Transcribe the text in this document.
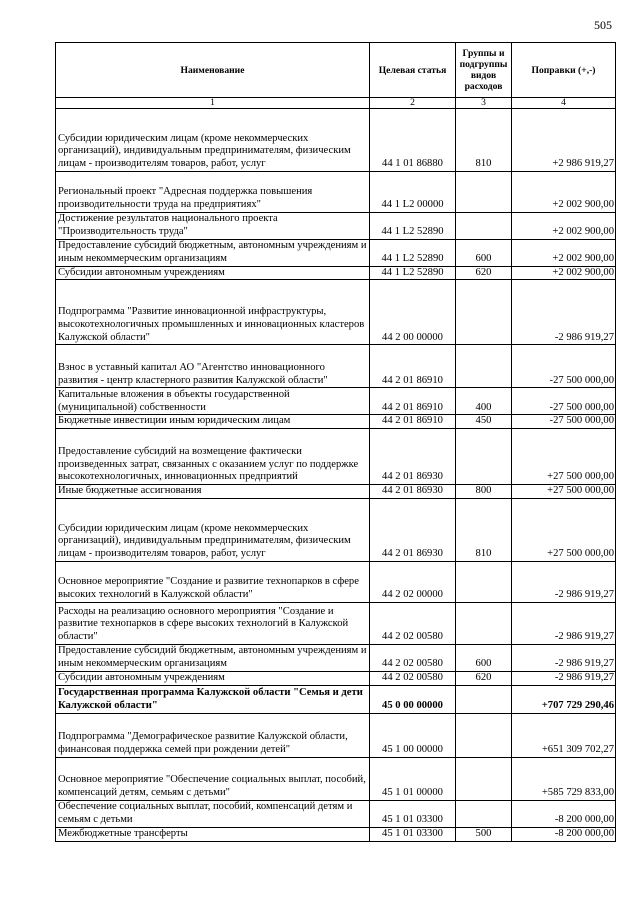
505
Наименование	Целевая статья	Группы и подгруппы видов расходов	Поправки (+,-)
1	2	3	4
Субсидии юридическим лицам (кроме некоммерческих организаций), индивидуальным предпринимателям, физическим лицам - производителям товаров, работ, услуг	44 1 01 86880	810	+2 986 919,27
Региональный проект "Адресная поддержка повышения производительности труда на предприятиях"	44 1 L2 00000		+2 002 900,00
Достижение результатов национального проекта "Производительность труда"	44 1 L2 52890		+2 002 900,00
Предоставление субсидий бюджетным, автономным учреждениям и иным некоммерческим организациям	44 1 L2 52890	600	+2 002 900,00
Субсидии автономным учреждениям	44 1 L2 52890	620	+2 002 900,00
Подпрограмма "Развитие инновационной инфраструктуры, высокотехнологичных промышленных и инновационных кластеров Калужской области"	44 2 00 00000		-2 986 919,27
Взнос в уставный капитал АО "Агентство инновационного развития - центр кластерного развития Калужской области"	44 2 01 86910		-27 500 000,00
Капитальные вложения в объекты государственной (муниципальной) собственности	44 2 01 86910	400	-27 500 000,00
Бюджетные инвестиции иным юридическим лицам	44 2 01 86910	450	-27 500 000,00
Предоставление субсидий на возмещение фактически произведенных затрат, связанных с оказанием услуг по поддержке высокотехнологичных, инновационных предприятий	44 2 01 86930		+27 500 000,00
Иные бюджетные ассигнования	44 2 01 86930	800	+27 500 000,00
Субсидии юридическим лицам (кроме некоммерческих организаций), индивидуальным предпринимателям, физическим лицам - производителям товаров, работ, услуг	44 2 01 86930	810	+27 500 000,00
Основное мероприятие "Создание и развитие технопарков в сфере высоких технологий в Калужской области"	44 2 02 00000		-2 986 919,27
Расходы на реализацию основного мероприятия "Создание и развитие технопарков в сфере высоких технологий в Калужской области"	44 2 02 00580		-2 986 919,27
Предоставление субсидий бюджетным, автономным учреждениям и иным некоммерческим организациям	44 2 02 00580	600	-2 986 919,27
Субсидии автономным учреждениям	44 2 02 00580	620	-2 986 919,27
Государственная программа Калужской области "Семья и дети Калужской области"	45 0 00 00000		+707 729 290,46
Подпрограмма "Демографическое развитие Калужской области, финансовая поддержка семей при рождении детей"	45 1 00 00000		+651 309 702,27
Основное мероприятие "Обеспечение социальных выплат, пособий, компенсаций детям, семьям с детьми"	45 1 01 00000		+585 729 833,00
Обеспечение социальных выплат, пособий, компенсаций детям и семьям с детьми	45 1 01 03300		-8 200 000,00
Межбюджетные трансферты	45 1 01 03300	500	-8 200 000,00
